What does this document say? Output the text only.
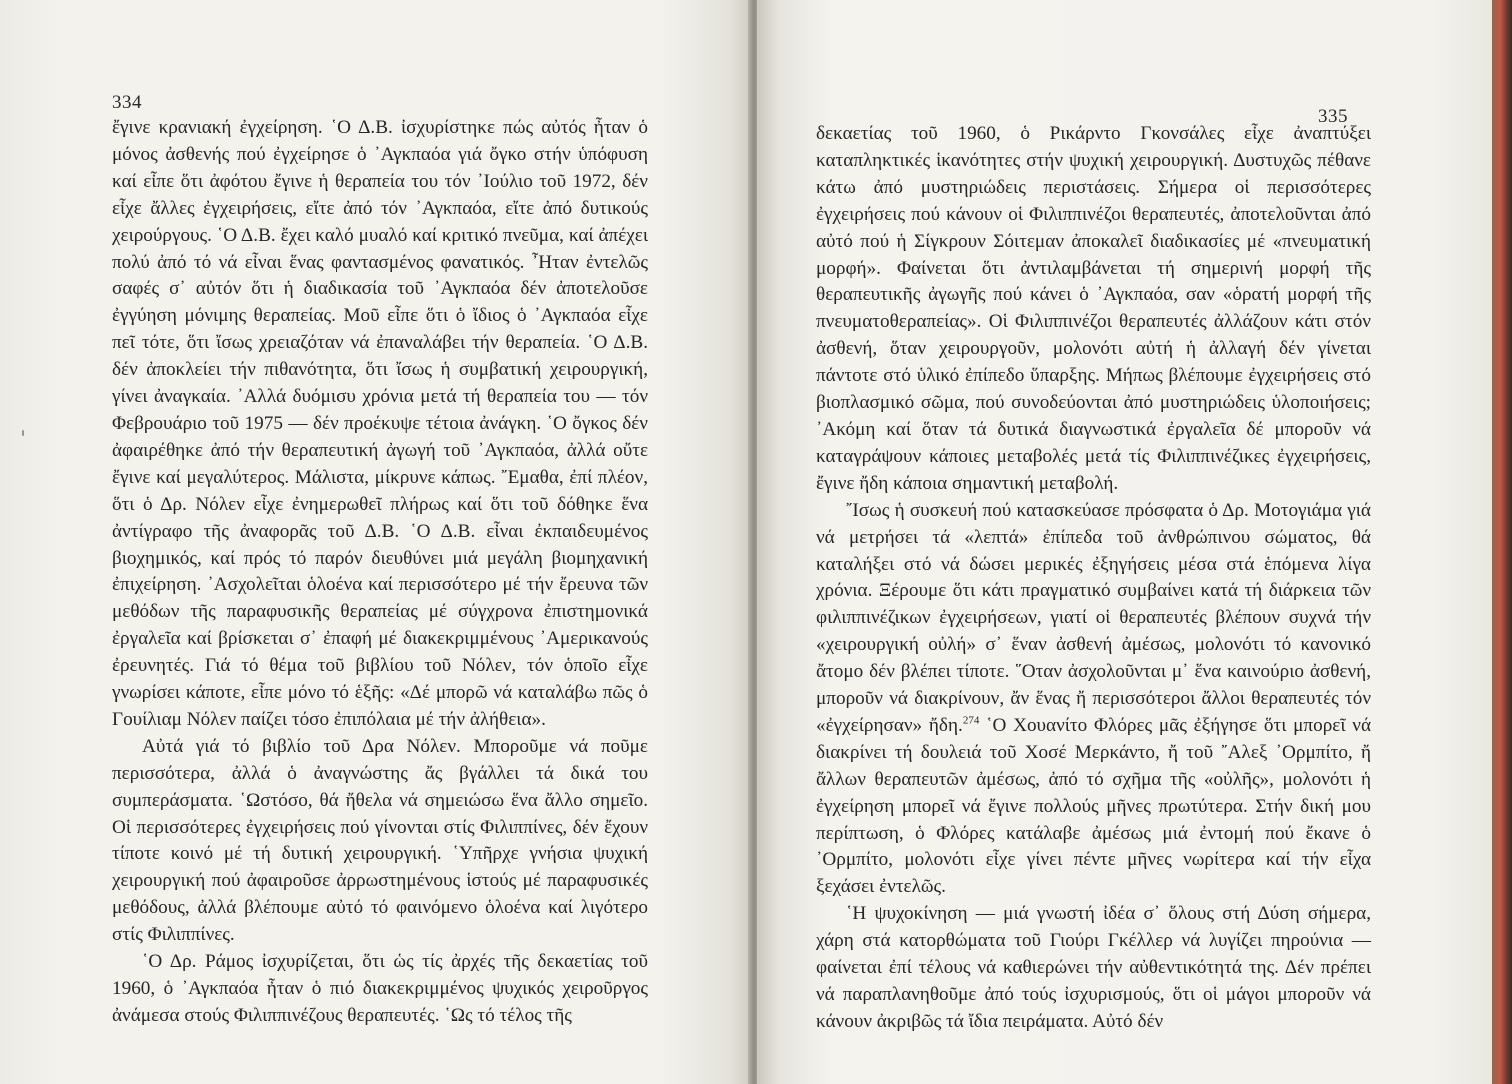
334

ἔγινε κρανιακή ἐγχείρηση. ῾Ο Δ.Β. ἰσχυρίστηκε πώς αὐτός ἦταν ὁ μόνος ἀσθενής πού ἐγχείρησε ὁ ᾿Αγκπαόα γιά ὄγκο στήν ὑπόφυση καί εἶπε ὅτι ἀφότου ἔγινε ἡ θεραπεία του τόν ᾿Ιούλιο τοῦ 1972, δέν εἶχε ἄλλες ἐγχειρήσεις, εἴτε ἀπό τόν ᾿Αγκπαόα, εἴτε ἀπό δυτικούς χειρούργους. ῾Ο Δ.Β. ἔχει καλό μυαλό καί κριτικό πνεῦμα, καί ἀπέχει πολύ ἀπό τό νά εἶναι ἕνας φαντασμένος φανατικός. ῏Ηταν ἐντελῶς σαφές σ᾿ αὐτόν ὅτι ἡ διαδικασία τοῦ ᾿Αγκπαόα δέν ἀποτελοῦσε ἐγγύηση μόνιμης θεραπείας. Μοῦ εἶπε ὅτι ὁ ἴδιος ὁ ᾿Αγκπαόα εἶχε πεῖ τότε, ὅτι ἴσως χρειαζόταν νά ἐπαναλάβει τήν θεραπεία. ῾Ο Δ.Β. δέν ἀποκλείει τήν πιθανότητα, ὅτι ἴσως ἡ συμβατική χειρουργική, γίνει ἀναγκαία. ᾿Αλλά δυόμισυ χρόνια μετά τή θεραπεία του — τόν Φεβρουάριο τοῦ 1975 — δέν προέκυψε τέτοια ἀνάγκη. ῾Ο ὄγκος δέν ἀφαιρέθηκε ἀπό τήν θεραπευτική ἀγωγή τοῦ ᾿Αγκπαόα, ἀλλά οὔτε ἔγινε καί μεγαλύτερος. Μάλιστα, μίκρυνε κάπως. ῎Εμαθα, ἐπί πλέον, ὅτι ὁ Δρ. Νόλεν εἶχε ἐνημερωθεῖ πλήρως καί ὅτι τοῦ δόθηκε ἕνα ἀντίγραφο τῆς ἀναφορᾶς τοῦ Δ.Β. ῾Ο Δ.Β. εἶναι ἐκπαιδευμένος βιοχημικός, καί πρός τό παρόν διευθύνει μιά μεγάλη βιομηχανική ἐπιχείρηση. ᾿Ασχολεῖται ὁλοένα καί περισσότερο μέ τήν ἔρευνα τῶν μεθόδων τῆς παραφυσικῆς θεραπείας μέ σύγχρονα ἐπιστημονικά ἐργαλεῖα καί βρίσκεται σ᾿ ἐπαφή μέ διακεκριμμένους ᾿Αμερικανούς ἐρευνητές. Γιά τό θέμα τοῦ βιβλίου τοῦ Νόλεν, τόν ὁποῖο εἶχε γνωρίσει κάποτε, εἶπε μόνο τό ἑξῆς: «Δέ μπορῶ νά καταλάβω πῶς ὁ Γουίλιαμ Νόλεν παίζει τόσο ἐπιπόλαια μέ τήν ἀλήθεια».

Αὐτά γιά τό βιβλίο τοῦ Δρα Νόλεν. Μποροῦμε νά ποῦμε περισσότερα, ἀλλά ὁ ἀναγνώστης ἄς βγάλλει τά δικά του συμπεράσματα. ῾Ωστόσο, θά ἤθελα νά σημειώσω ἕνα ἄλλο σημεῖο. Οἱ περισσότερες ἐγχειρήσεις πού γίνονται στίς Φιλιππίνες, δέν ἔχουν τίποτε κοινό μέ τή δυτική χειρουργική. ῾Υπῆρχε γνήσια ψυχική χειρουργική πού ἀφαιροῦσε ἀρρωστημένους ἱστούς μέ παραφυσικές μεθόδους, ἀλλά βλέπουμε αὐτό τό φαινόμενο ὁλοένα καί λιγότερο στίς Φιλιππίνες.

῾Ο Δρ. Ράμος ἰσχυρίζεται, ὅτι ὡς τίς ἀρχές τῆς δεκαετίας τοῦ 1960, ὁ ᾿Αγκπαόα ἦταν ὁ πιό διακεκριμμένος ψυχικός χειροῦργος ἀνάμεσα στούς Φιλιππινέζους θεραπευτές. ῾Ως τό τέλος τῆς

335

δεκαετίας τοῦ 1960, ὁ Ρικάρντο Γκονσάλες εἶχε ἀναπτύξει καταπληκτικές ἱκανότητες στήν ψυχική χειρουργική. Δυστυχῶς πέθανε κάτω ἀπό μυστηριώδεις περιστάσεις. Σήμερα οἱ περισσότερες ἐγχειρήσεις πού κάνουν οἱ Φιλιππινέζοι θεραπευτές, ἀποτελοῦνται ἀπό αὐτό πού ἡ Σίγκρουν Σόιτεμαν ἀποκαλεῖ διαδικασίες μέ «πνευματική μορφή». Φαίνεται ὅτι ἀντιλαμβάνεται τή σημερινή μορφή τῆς θεραπευτικῆς ἀγωγῆς πού κάνει ὁ ᾿Αγκπαόα, σαν «ὁρατή μορφή τῆς πνευματοθεραπείας». Οἱ Φιλιππινέζοι θεραπευτές ἀλλάζουν κάτι στόν ἀσθενή, ὅταν χειρουργοῦν, μολονότι αὐτή ἡ ἀλλαγή δέν γίνεται πάντοτε στό ὑλικό ἐπίπεδο ὕπαρξης. Μήπως βλέπουμε ἐγχειρήσεις στό βιοπλασμικό σῶμα, πού συνοδεύονται ἀπό μυστηριώδεις ὑλοποιήσεις; ᾿Ακόμη καί ὅταν τά δυτικά διαγνωστικά ἐργαλεῖα δέ μποροῦν νά καταγράψουν κάποιες μεταβολές μετά τίς Φιλιππινέζικες ἐγχειρήσεις, ἔγινε ἤδη κάποια σημαντική μεταβολή.

῎Ισως ἡ συσκευή πού κατασκεύασε πρόσφατα ὁ Δρ. Μοτογιάμα γιά νά μετρήσει τά «λεπτά» ἐπίπεδα τοῦ ἀνθρώπινου σώματος, θά καταλήξει στό νά δώσει μερικές ἐξηγήσεις μέσα στά ἑπόμενα λίγα χρόνια. Ξέρουμε ὅτι κάτι πραγματικό συμβαίνει κατά τή διάρκεια τῶν φιλιππινέζικων ἐγχειρήσεων, γιατί οἱ θεραπευτές βλέπουν συχνά τήν «χειρουργική οὐλή» σ᾿ ἕναν ἀσθενή ἀμέσως, μολονότι τό κανονικό ἄτομο δέν βλέπει τίποτε. ῞Οταν ἀσχολοῦνται μ᾿ ἕνα καινούριο ἀσθενή, μποροῦν νά διακρίνουν, ἄν ἕνας ἤ περισσότεροι ἄλλοι θεραπευτές τόν «ἐγχείρησαν» ἤδη.$^{274}$ ῾Ο Χουανίτο Φλόρες μᾶς ἐξήγησε ὅτι μπορεῖ νά διακρίνει τή δουλειά τοῦ Χοσέ Μερκάντο, ἤ τοῦ ῎Αλεξ ᾿Ορμπίτο, ἤ ἄλλων θεραπευτῶν ἀμέσως, ἀπό τό σχῆμα τῆς «οὐλῆς», μολονότι ἡ ἐγχείρηση μπορεῖ νά ἔγινε πολλούς μῆνες πρωτύτερα. Στήν δική μου περίπτωση, ὁ Φλόρες κατάλαβε ἀμέσως μιά ἐντομή πού ἔκανε ὁ ᾿Ορμπίτο, μολονότι εἶχε γίνει πέντε μῆνες νωρίτερα καί τήν εἶχα ξεχάσει ἐντελῶς.

῾Η ψυχοκίνηση — μιά γνωστή ἰδέα σ᾿ ὅλους στή Δύση σήμερα, χάρη στά κατορθώματα τοῦ Γιούρι Γκέλλερ νά λυγίζει πηρούνια — φαίνεται ἐπί τέλους νά καθιερώνει τήν αὐθεντικότητά της. Δέν πρέπει νά παραπλανηθοῦμε ἀπό τούς ἰσχυρισμούς, ὅτι οἱ μάγοι μποροῦν νά κάνουν ἀκριβῶς τά ἴδια πειράματα. Αὐτό δέν
